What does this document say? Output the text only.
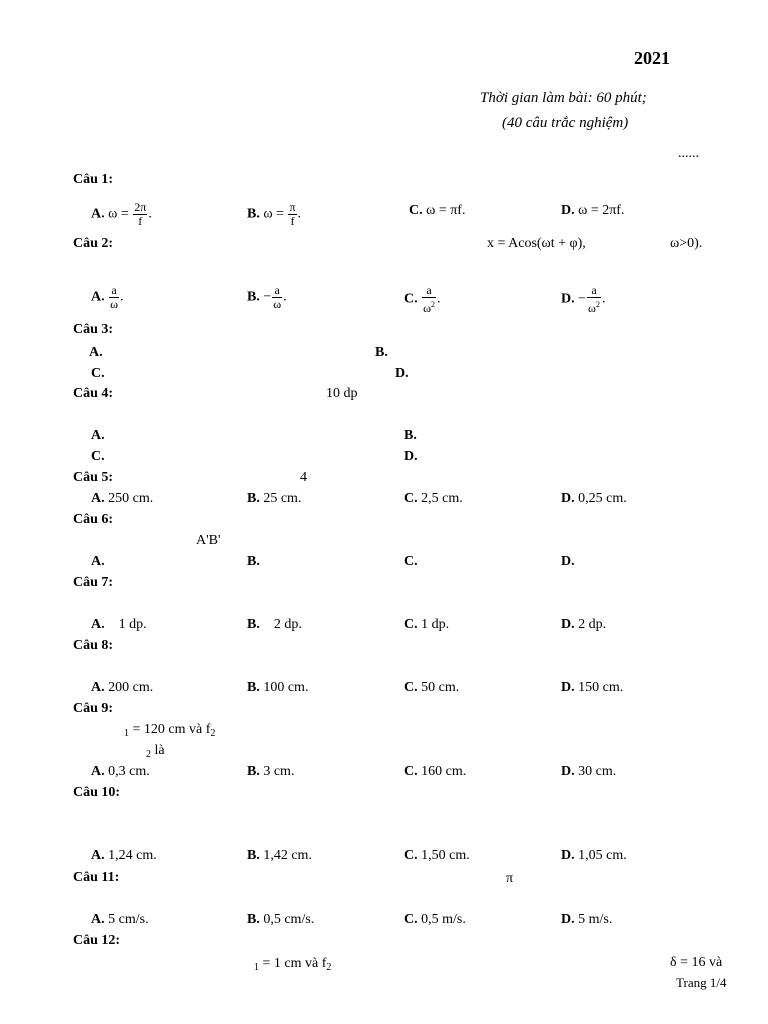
2021
Thời gian làm bài: 60 phút;
(40 câu trắc nghiệm)
......
Câu 1:
A. $\omega = \frac{2\pi}{f}$ .	B. $\omega = \frac{\pi}{f}$ .	C. ω = πf.	D. ω = 2πf.
Câu 2:	x = Acos(ωt + φ),	ω>0).
A. $\frac{a}{\omega}$ .	B. − $\frac{a}{\omega}$ .	C. $\frac{a}{\omega^2}$ .	D. − $\frac{a}{\omega^2}$ .
Câu 3:
A.	B.
C.	D.
Câu 4:	10 dp
A.	B.
C.	D.
Câu 5:	4
A. 250 cm.	B. 25 cm.	C. 2,5 cm.	D. 0,25 cm.
Câu 6:
A'B'
A.	B.	C.	D.
Câu 7:
A. 1 dp.	B. 2 dp.	C. 1 dp.	D. 2 dp.
Câu 8:
A. 200 cm.	B. 100 cm.	C. 50 cm.	D. 150 cm.
Câu 9:
$_1$ = 120 cm và $f_2$
$_2$ là
A. 0,3 cm.	B. 3 cm.	C. 160 cm.	D. 30 cm.
Câu 10:
A. 1,24 cm.	B. 1,42 cm.	C. 1,50 cm.	D. 1,05 cm.
Câu 11:	π
A. 5 cm/s.	B. 0,5 cm/s.	C. 0,5 m/s.	D. 5 m/s.
Câu 12:
$_1$ = 1 cm và $f_2$	δ = 16 và
Trang 1/4
